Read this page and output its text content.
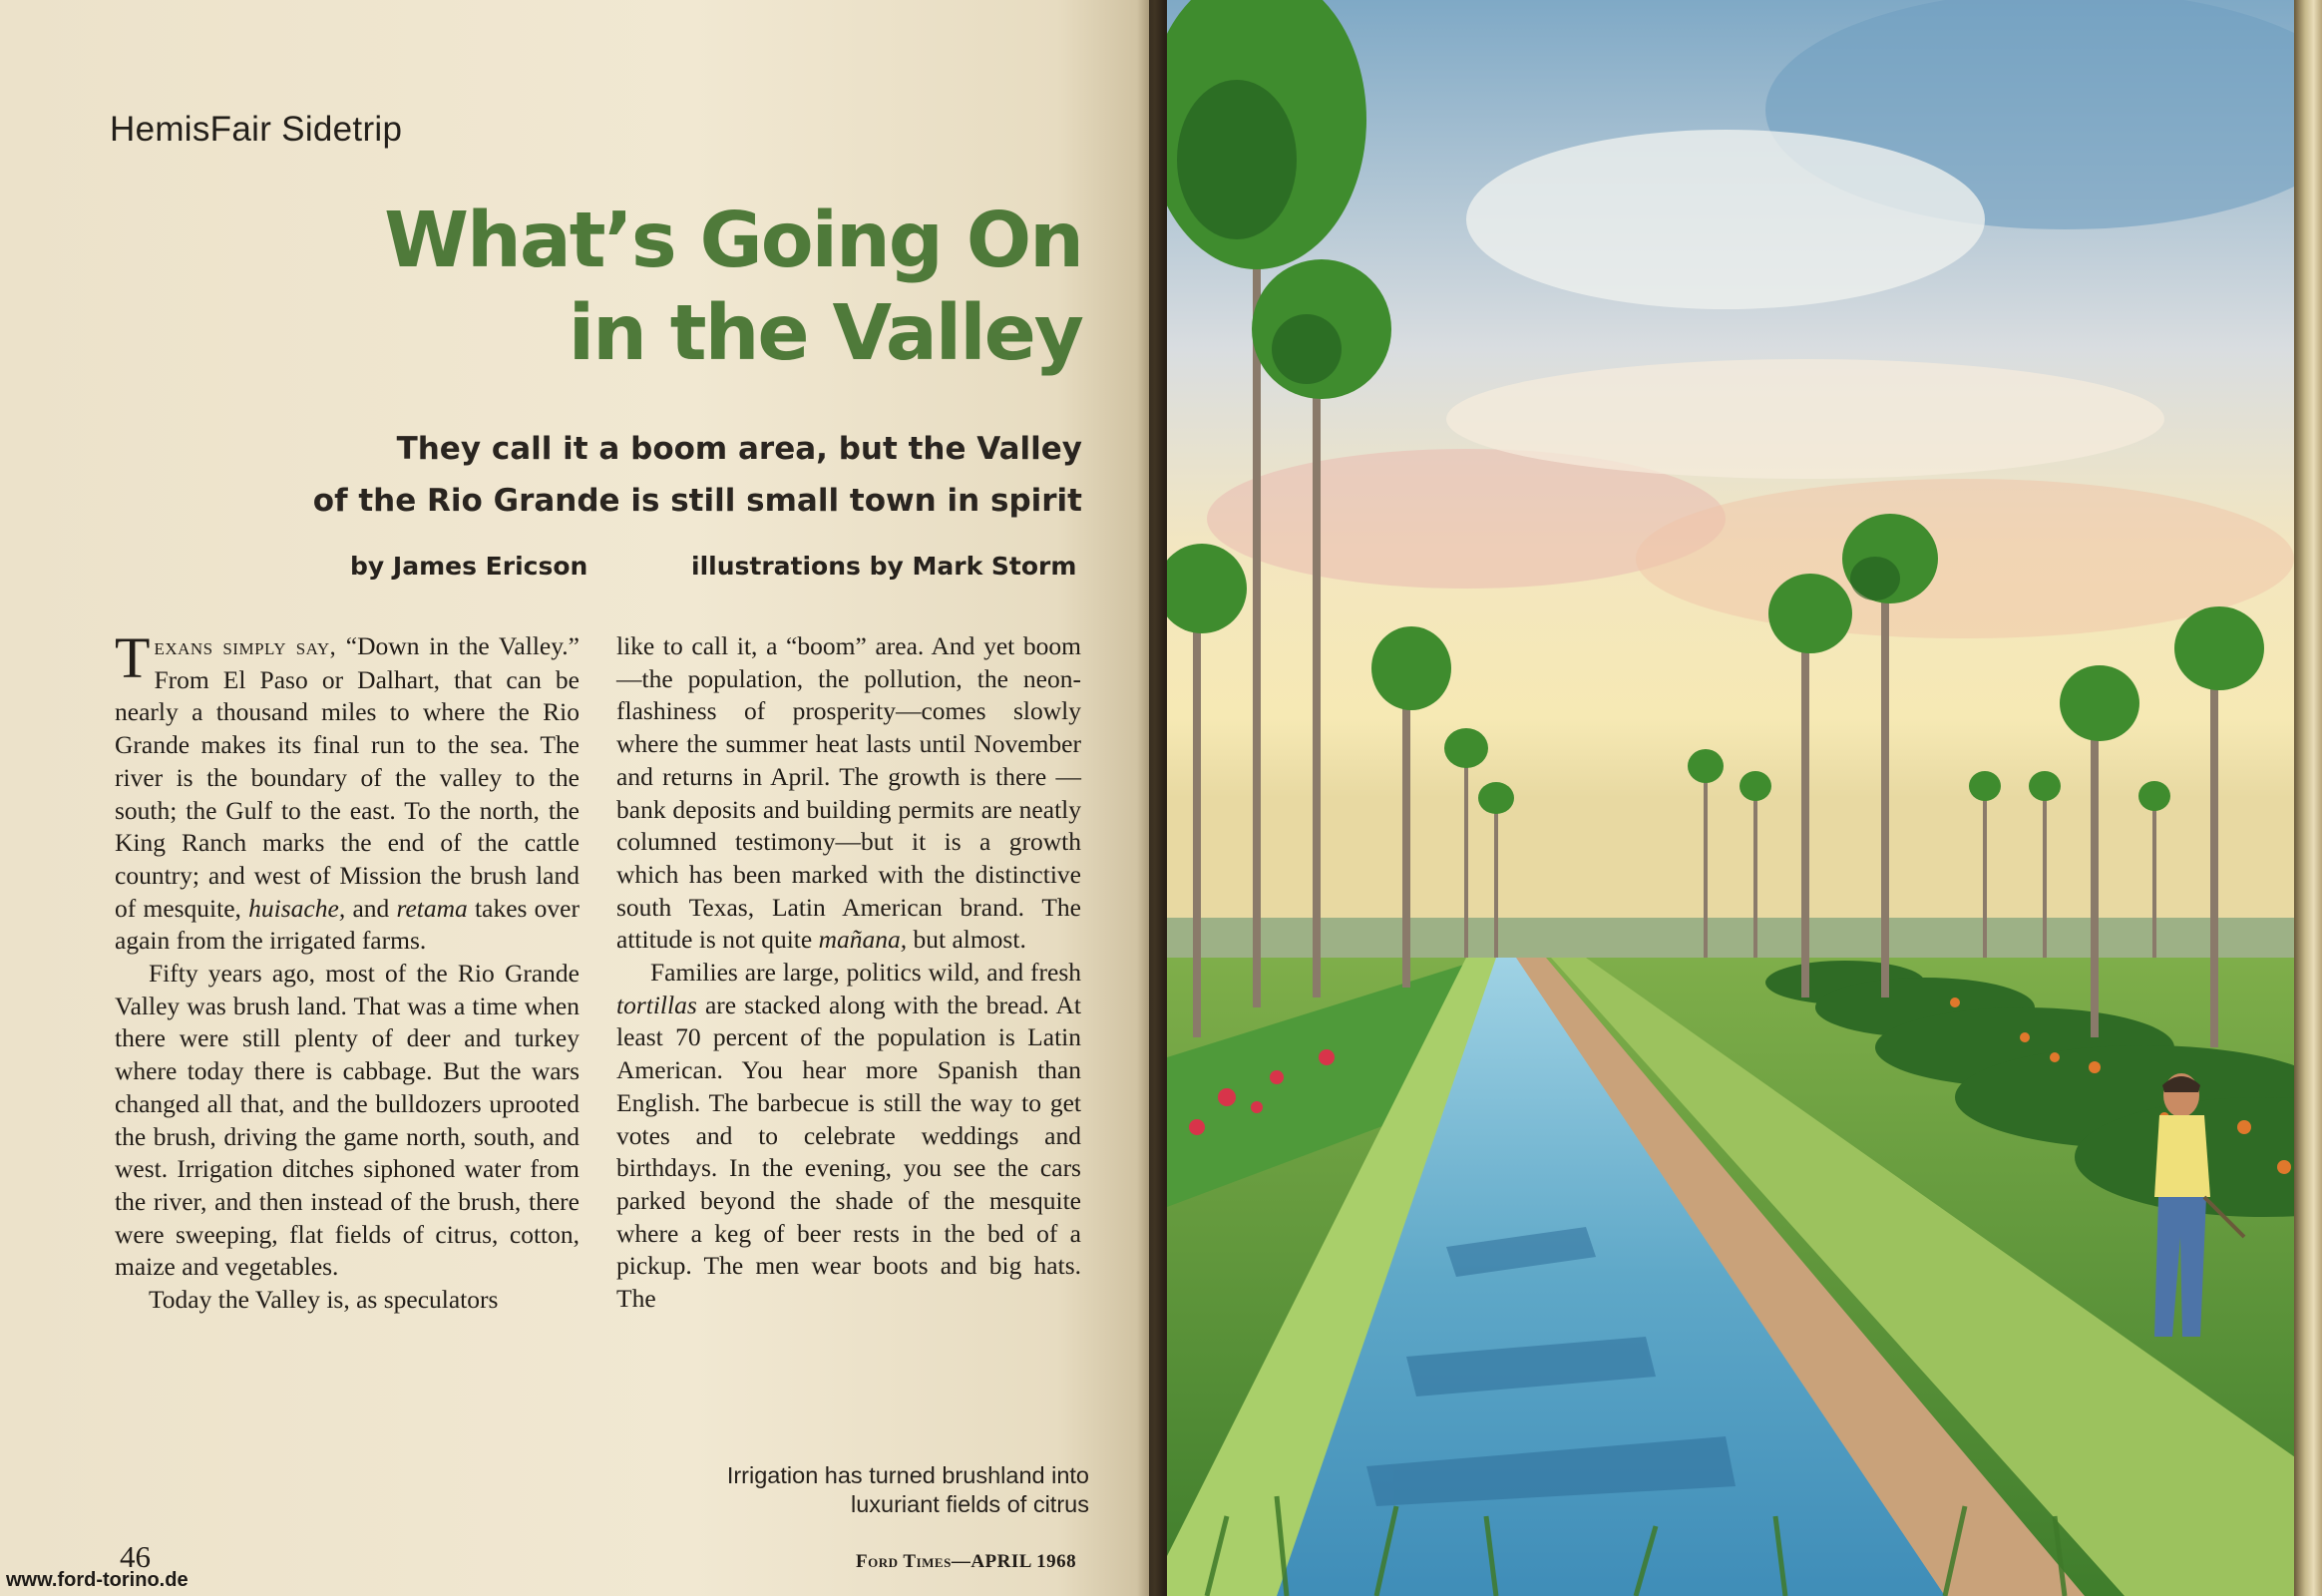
HemisFair Sidetrip
What’s Going On
in the Valley
They call it a boom area, but the Valley
of the Rio Grande is still small town in spirit
by James Ericson	illustrations by Mark Storm

Texans simply say, “Down in the Valley.” From El Paso or Dalhart, that can be nearly a thousand miles to where the Rio Grande makes its final run to the sea. The river is the boundary of the valley to the south; the Gulf to the east. To the north, the King Ranch marks the end of the cattle country; and west of Mission the brush land of mesquite, huisache, and retama takes over again from the irrigated farms.

Fifty years ago, most of the Rio Grande Valley was brush land. That was a time when there were still plenty of deer and turkey where today there is cabbage. But the wars changed all that, and the bulldozers uprooted the brush, driving the game north, south, and west. Irrigation ditches siphoned water from the river, and then instead of the brush, there were sweeping, flat fields of citrus, cotton, maize and vegetables.

Today the Valley is, as speculators

like to call it, a “boom” area. And yet boom—the population, the pollution, the neon-flashiness of prosperity—comes slowly where the summer heat lasts until November and returns in April. The growth is there —bank deposits and building permits are neatly columned testimony—but it is a growth which has been marked with the distinctive south Texas, Latin American brand. The attitude is not quite mañana, but almost.

Families are large, politics wild, and fresh tortillas are stacked along with the bread. At least 70 percent of the population is Latin American. You hear more Spanish than English. The barbecue is still the way to get votes and to celebrate weddings and birthdays. In the evening, you see the cars parked beyond the shade of the mesquite where a keg of beer rests in the bed of a pickup. The men wear boots and big hats. The

Irrigation has turned brushland into luxuriant fields of citrus
46	Ford Times—APRIL 1968
www.ford-torino.de
